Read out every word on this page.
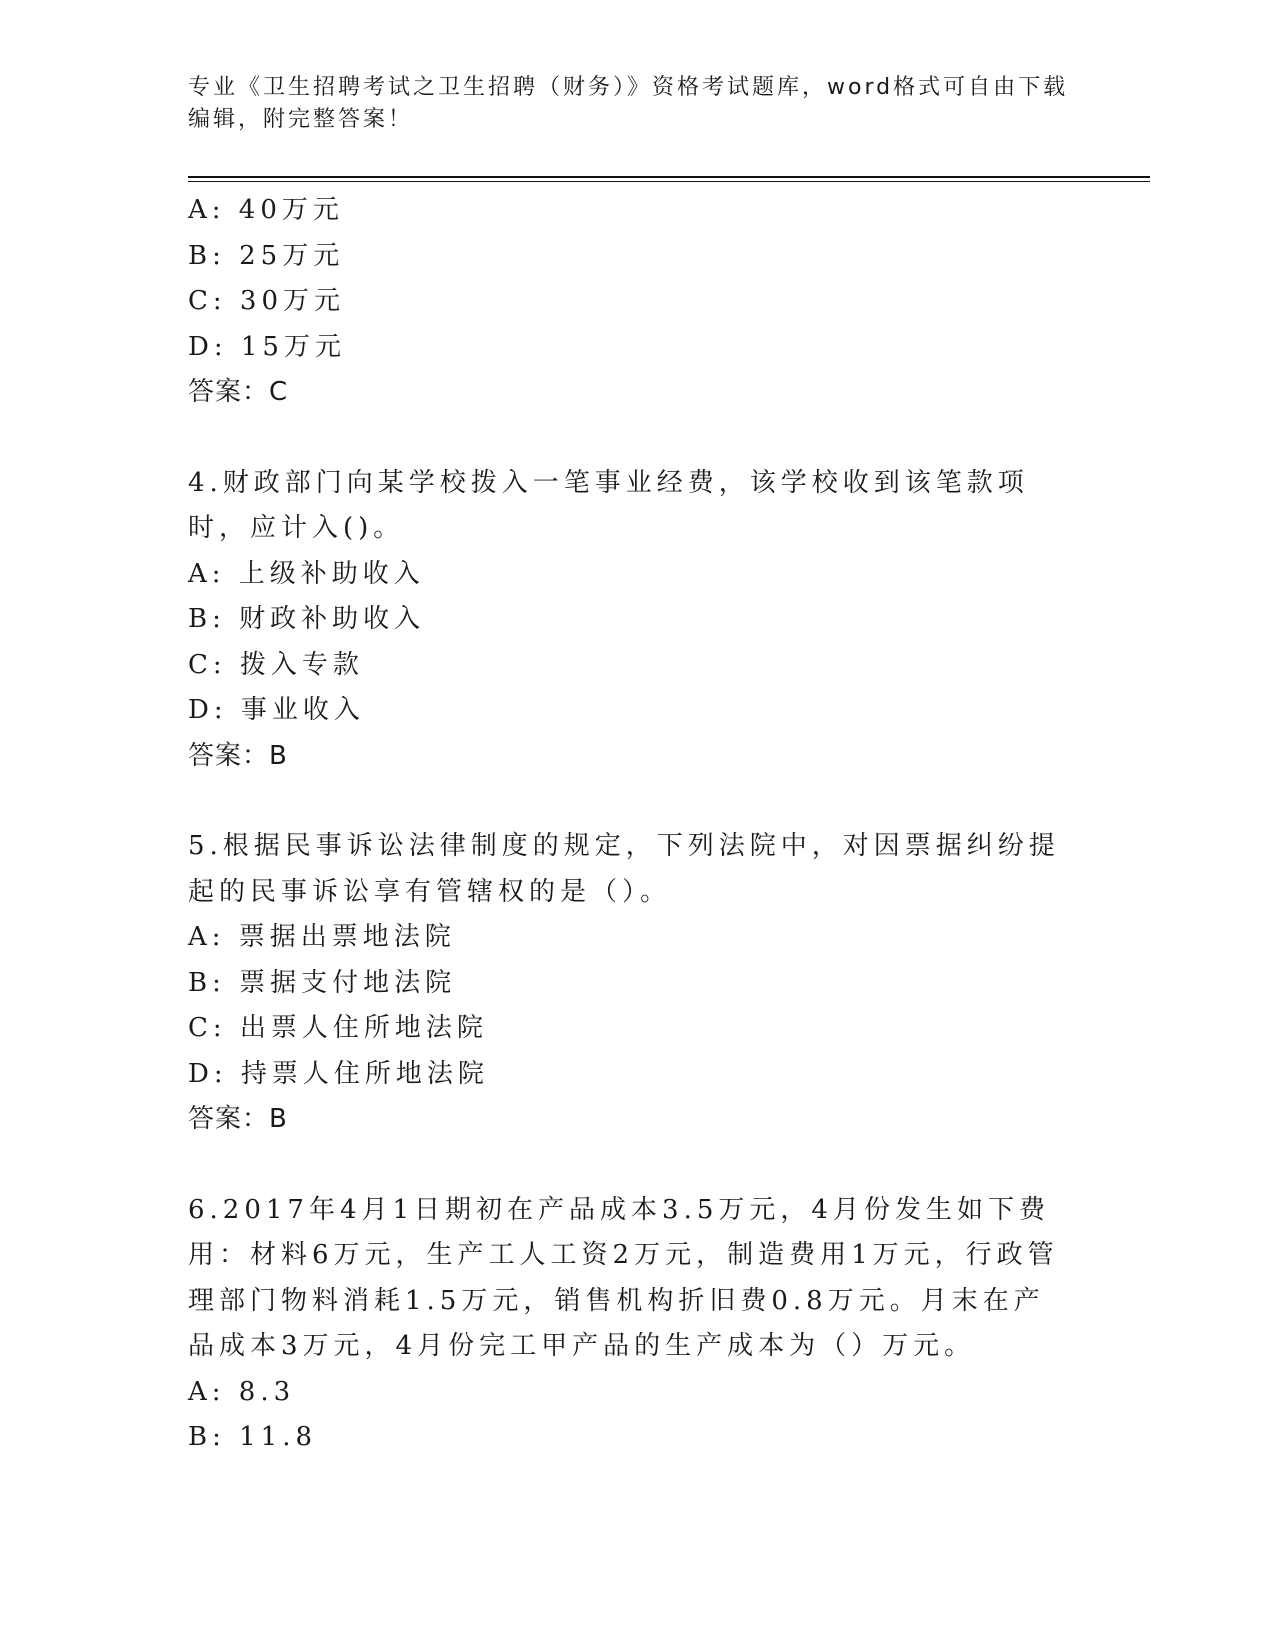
专业《卫生招聘考试之卫生招聘（财务）》资格考试题库，word格式可自由下载编辑，附完整答案！
A: 40万元
B: 25万元
C: 30万元
D: 15万元
答案：C
4.财政部门向某学校拨入一笔事业经费，该学校收到该笔款项时，应计入()。
A: 上级补助收入
B: 财政补助收入
C: 拨入专款
D: 事业收入
答案：B
5.根据民事诉讼法律制度的规定，下列法院中，对因票据纠纷提起的民事诉讼享有管辖权的是（）。
A: 票据出票地法院
B: 票据支付地法院
C: 出票人住所地法院
D: 持票人住所地法院
答案：B
6.2017年4月1日期初在产品成本3.5万元，4月份发生如下费用：材料6万元，生产工人工资2万元，制造费用1万元，行政管理部门物料消耗1.5万元，销售机构折旧费0.8万元。月末在产品成本3万元，4月份完工甲产品的生产成本为（）万元。
A: 8.3
B: 11.8
